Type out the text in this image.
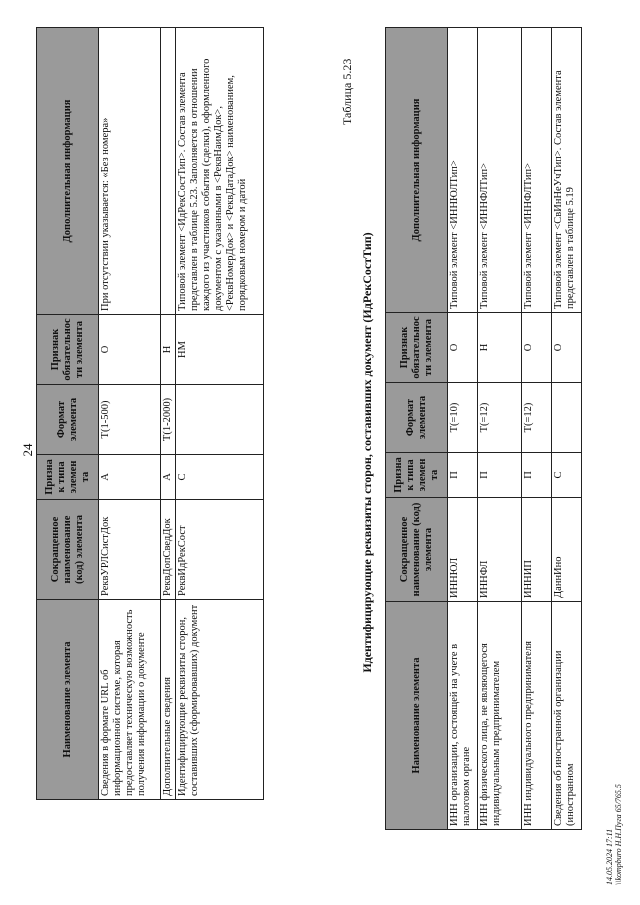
24
Наименование элемента	Сокращенное наименование (код) элемента	Признак типа элемента	Формат элемента	Признак обязательности элемента	Дополнительная информация
Сведения в формате URL об информационной системе, которая предоставляет техническую возможность получения информации о документе	РеквУРЛСистДок	А	Т(1-500)	О	При отсутствии указывается: «Без номера»
Дополнительные сведения	РеквДопСведДок	А	Т(1-2000)	Н	
Идентифицирующие реквизиты сторон, составивших (сформировавших) документ	РеквИдРекСост	С		НМ	Типовой элемент <ИдРекСостТип>. Состав элемента представлен в таблице 5.23. Заполняется в отношении каждого из участников события (сделки), оформленного документом с указанными в <РеквНаимДок>, <РеквНомерДок> и <РеквДатаДок> наименованием, порядковым номером и датой
Таблица 5.23
Идентифицирующие реквизиты сторон, составивших документ (ИдРекСостТип)
Наименование элемента	Сокращенное наименование (код) элемента	Признак типа элемента	Формат элемента	Признак обязательности элемента	Дополнительная информация
ИНН организации, состоящей на учете в налоговом органе	ИННЮЛ	П	Т(=10)	О	Типовой элемент <ИННЮЛТип>
ИНН физического лица, не являющегося индивидуальным предпринимателем	ИННФЛ	П	Т(=12)	Н	Типовой элемент <ИННФЛТип>
ИНН индивидуального предпринимателя	ИННИП	П	Т(=12)	О	Типовой элемент <ИННФЛТип>
Сведения об иностранной организации (иностранном	ДаннИно	С		О	Типовой элемент <СвИнНеУчТип>. Состав элемента представлен в таблице 5.19
14.05.2024 17:11 \\kompburo Н.Н.Пуга 65/765.5
